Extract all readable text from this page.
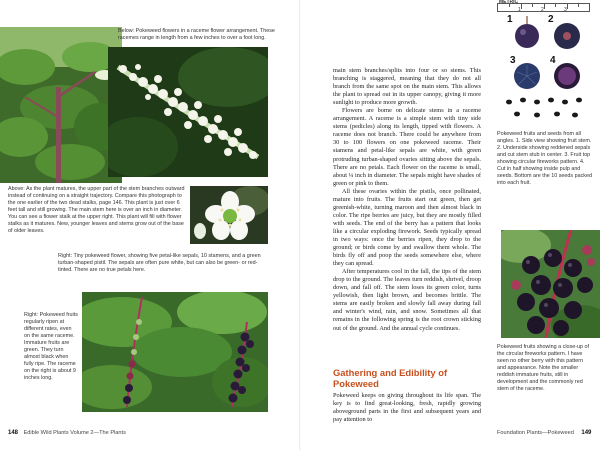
Below: Pokeweed flowers in a raceme flower arrangement. These racemes range in length from a few inches to over a foot long.
Above: As the plant matures, the upper part of the stem branches outward instead of continuing on a straight trajectory. Compare this photograph to the one earlier of the two dead stalks, page 146. This plant is just over 6 feet tall and still growing. The main stem here is over an inch in diameter. You can see a flower stalk at the upper right. This plant will fill with flower stalks as it matures. New, younger leaves and stems grow out of the base of older leaves.
Right: Tiny pokeweed flower, showing five petal-like sepals, 10 stamens, and a green turban-shaped pistil. The sepals are often pure white, but can also be green- or red-tinted. There are no true petals here.
Right: Pokeweed fruits regularly ripen at different rates, even on the same raceme. Immature fruits are green. They turn almost black when fully ripe. The raceme on the right is about 9 inches long.
148 Edible Wild Plants Volume 2—The Plants

main stem branches/splits into four or so stems. This branching is staggered, meaning that they do not all branch from the same spot on the main stem. This allows the plant to spread out in its upper canopy, giving it more sunlight to produce more growth.

Flowers are borne on delicate stems in a raceme arrangement. A raceme is a simple stem with tiny side stems (pedicles) along its length, tipped with flowers. A raceme does not branch. There could be anywhere from 30 to 100 flowers on one pokeweed raceme. Their stamens and petal-like sepals are white, with green protruding turban-shaped ovaries sitting above the sepals. There are no petals. Each flower on the raceme is small, about ¼ inch in diameter. The sepals might have shades of green or pink to them.

All these ovaries within the pistils, once pollinated, mature into fruits. The fruits start out green, then get greenish-white, turning maroon and then almost black in color. The ripe berries are juicy, but they are mostly filled with seeds. The end of the berry has a pattern that looks like a circular exploding firework. Seeds typically spread in two ways: once the berries ripen, they drop to the ground; or birds come by and swallow them whole. The birds fly off and poop the seeds somewhere else, where they can spread.

After temperatures cool in the fall, the tips of the stem drop to the ground. The leaves turn reddish, shrivel, droop down, and fall off. The stem loses its green color, turns yellowish, then light brown, and becomes brittle. The stems are easily broken and slowly fall away during fall and winter's wind, rain, and snow. Sometimes all that remains in the following spring is the root crown sticking out of the ground. And the annual cycle continues.

Gathering and Edibility of Pokeweed
Pokeweed keeps on giving throughout its life span. The key is to find great-looking, fresh, rapidly growing aboveground parts in the first and subsequent years and pay attention to
1	2	3
METRIC
1	2
3	4
Pokeweed fruits and seeds from all angles. 1. Side view showing fruit stem. 2. Underside showing reddened sepals and cut stem stub in center. 3. Fruit top showing circular fireworks pattern. 4. Cut in half showing inside pulp and seeds. Bottom are the 10 seeds packed into each fruit.
Pokeweed fruits showing a close-up of the circular fireworks pattern. I have seen no other berry with this pattern and appearance. Note the smaller reddish immature fruits, still in development and the commonly red stem of the raceme.
Foundation Plants—Pokeweed 149
